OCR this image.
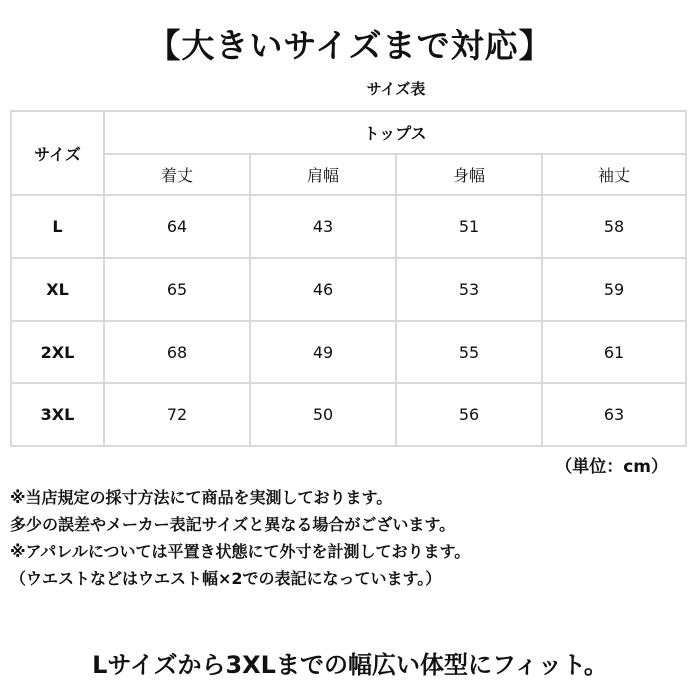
【大きいサイズまで対応】
サイズ表
サイズ	トップス			
	着丈	肩幅	身幅	袖丈
L	64	43	51	58
XL	65	46	53	59
2XL	68	49	55	61
3XL	72	50	56	63
（単位：cm）
※当店規定の採寸方法にて商品を実測しております。
多少の誤差やメーカー表記サイズと異なる場合がございます。
※アパレルについては平置き状態にて外寸を計測しております。
（ウエストなどはウエスト幅×2での表記になっています。）
Lサイズから3XLまでの幅広い体型にフィット。
